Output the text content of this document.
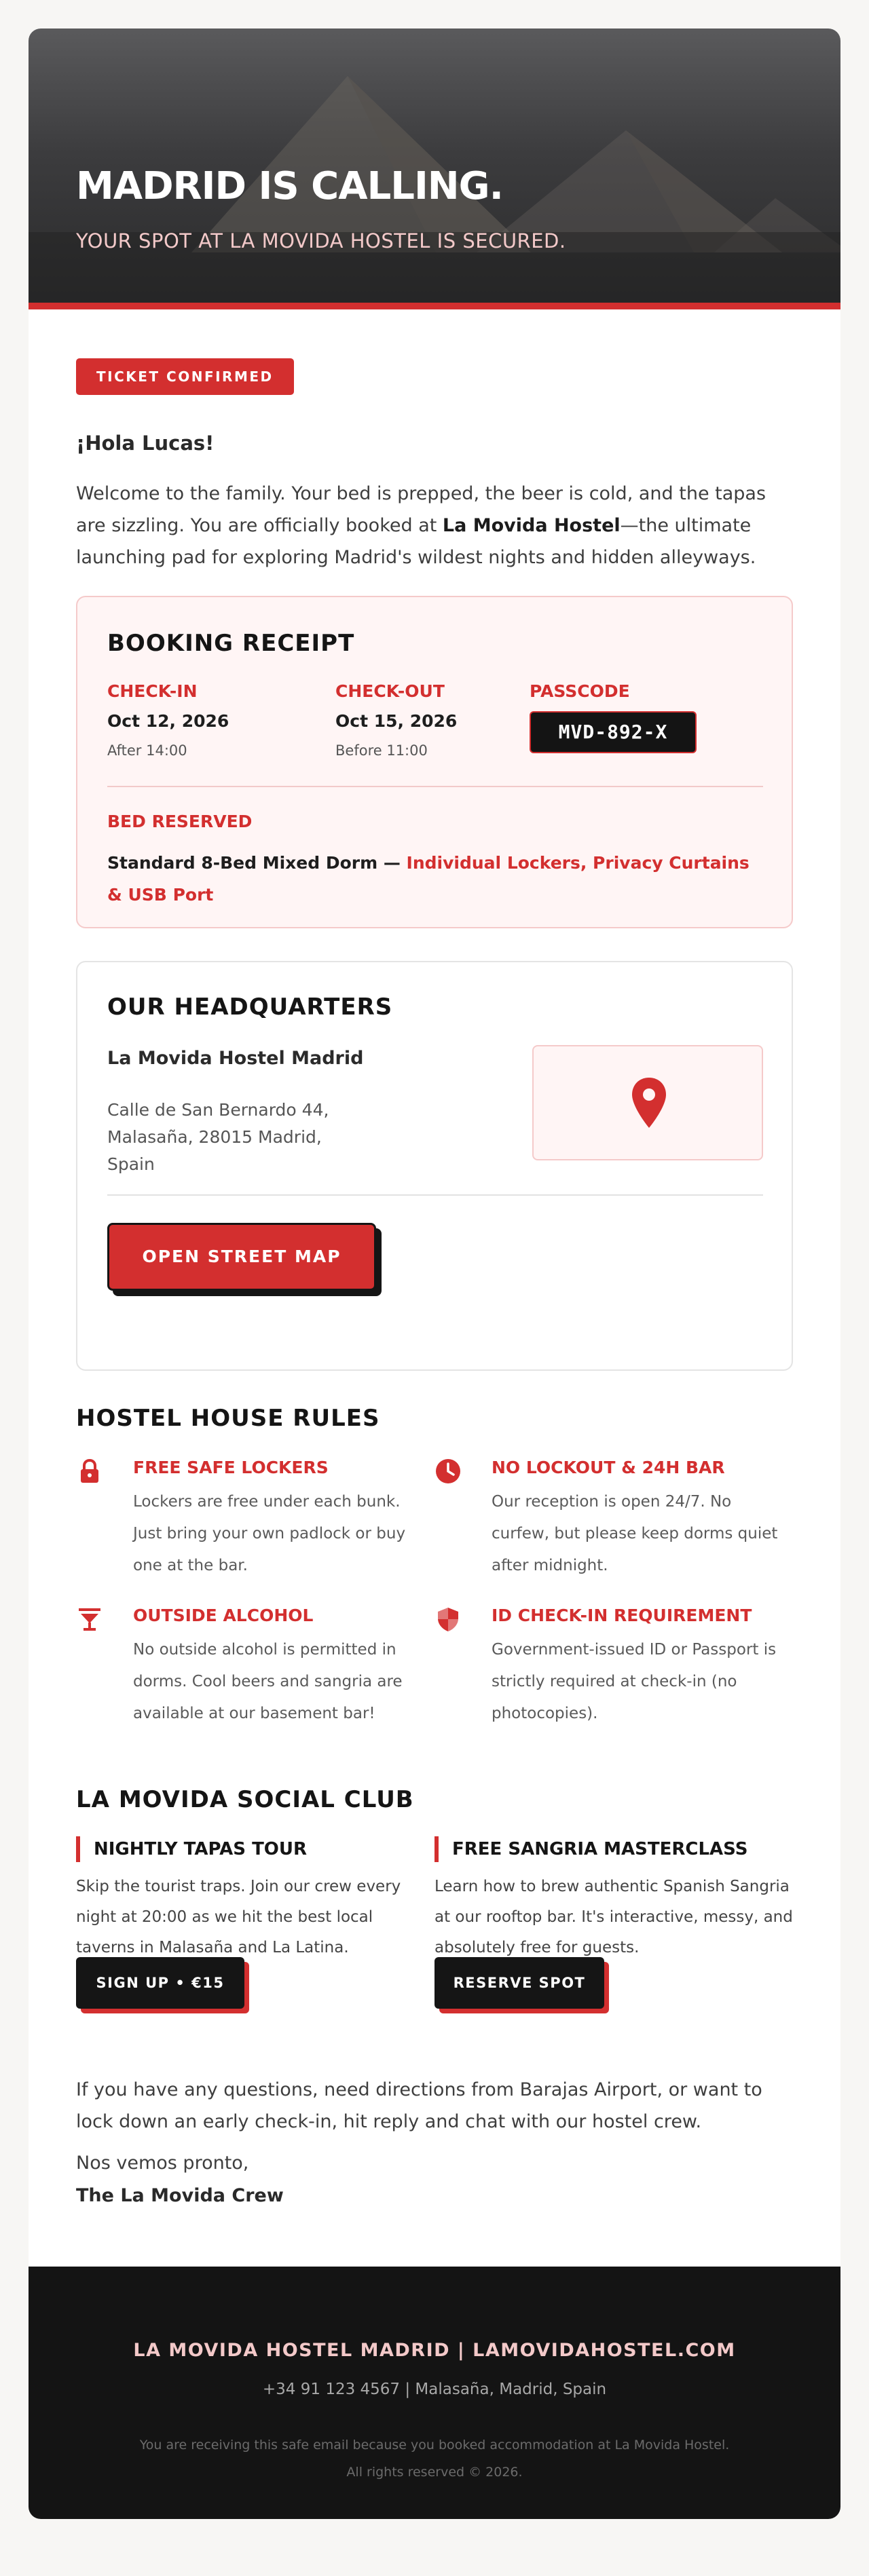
MADRID IS CALLING.
YOUR SPOT AT LA MOVIDA HOSTEL IS SECURED.
TICKET CONFIRMED
¡Hola Lucas!
Welcome to the family. Your bed is prepped, the beer is cold, and the tapas are sizzling. You are officially booked at La Movida Hostel—the ultimate launching pad for exploring Madrid's wildest nights and hidden alleyways.
BOOKING RECEIPT
CHECK-IN
Oct 12, 2026
After 14:00
CHECK-OUT
Oct 15, 2026
Before 11:00
PASSCODE
MVD-892-X
BED RESERVED
Standard 8-Bed Mixed Dorm — Individual Lockers, Privacy Curtains & USB Port
OUR HEADQUARTERS
La Movida Hostel Madrid
Calle de San Bernardo 44,
Malasaña, 28015 Madrid,
Spain
OPEN STREET MAP
HOSTEL HOUSE RULES
FREE SAFE LOCKERS
Lockers are free under each bunk. Just bring your own padlock or buy one at the bar.
NO LOCKOUT & 24H BAR
Our reception is open 24/7. No curfew, but please keep dorms quiet after midnight.
OUTSIDE ALCOHOL
No outside alcohol is permitted in dorms. Cool beers and sangria are available at our basement bar!
ID CHECK-IN REQUIREMENT
Government-issued ID or Passport is strictly required at check-in (no photocopies).
LA MOVIDA SOCIAL CLUB
NIGHTLY TAPAS TOUR
Skip the tourist traps. Join our crew every night at 20:00 as we hit the best local taverns in Malasaña and La Latina.
SIGN UP • €15
FREE SANGRIA MASTERCLASS
Learn how to brew authentic Spanish Sangria at our rooftop bar. It's interactive, messy, and absolutely free for guests.
RESERVE SPOT
If you have any questions, need directions from Barajas Airport, or want to lock down an early check-in, hit reply and chat with our hostel crew.
Nos vemos pronto,
The La Movida Crew
LA MOVIDA HOSTEL MADRID | LAMOVIDAHOSTEL.COM
+34 91 123 4567 | Malasaña, Madrid, Spain
You are receiving this safe email because you booked accommodation at La Movida Hostel.
All rights reserved © 2026.
